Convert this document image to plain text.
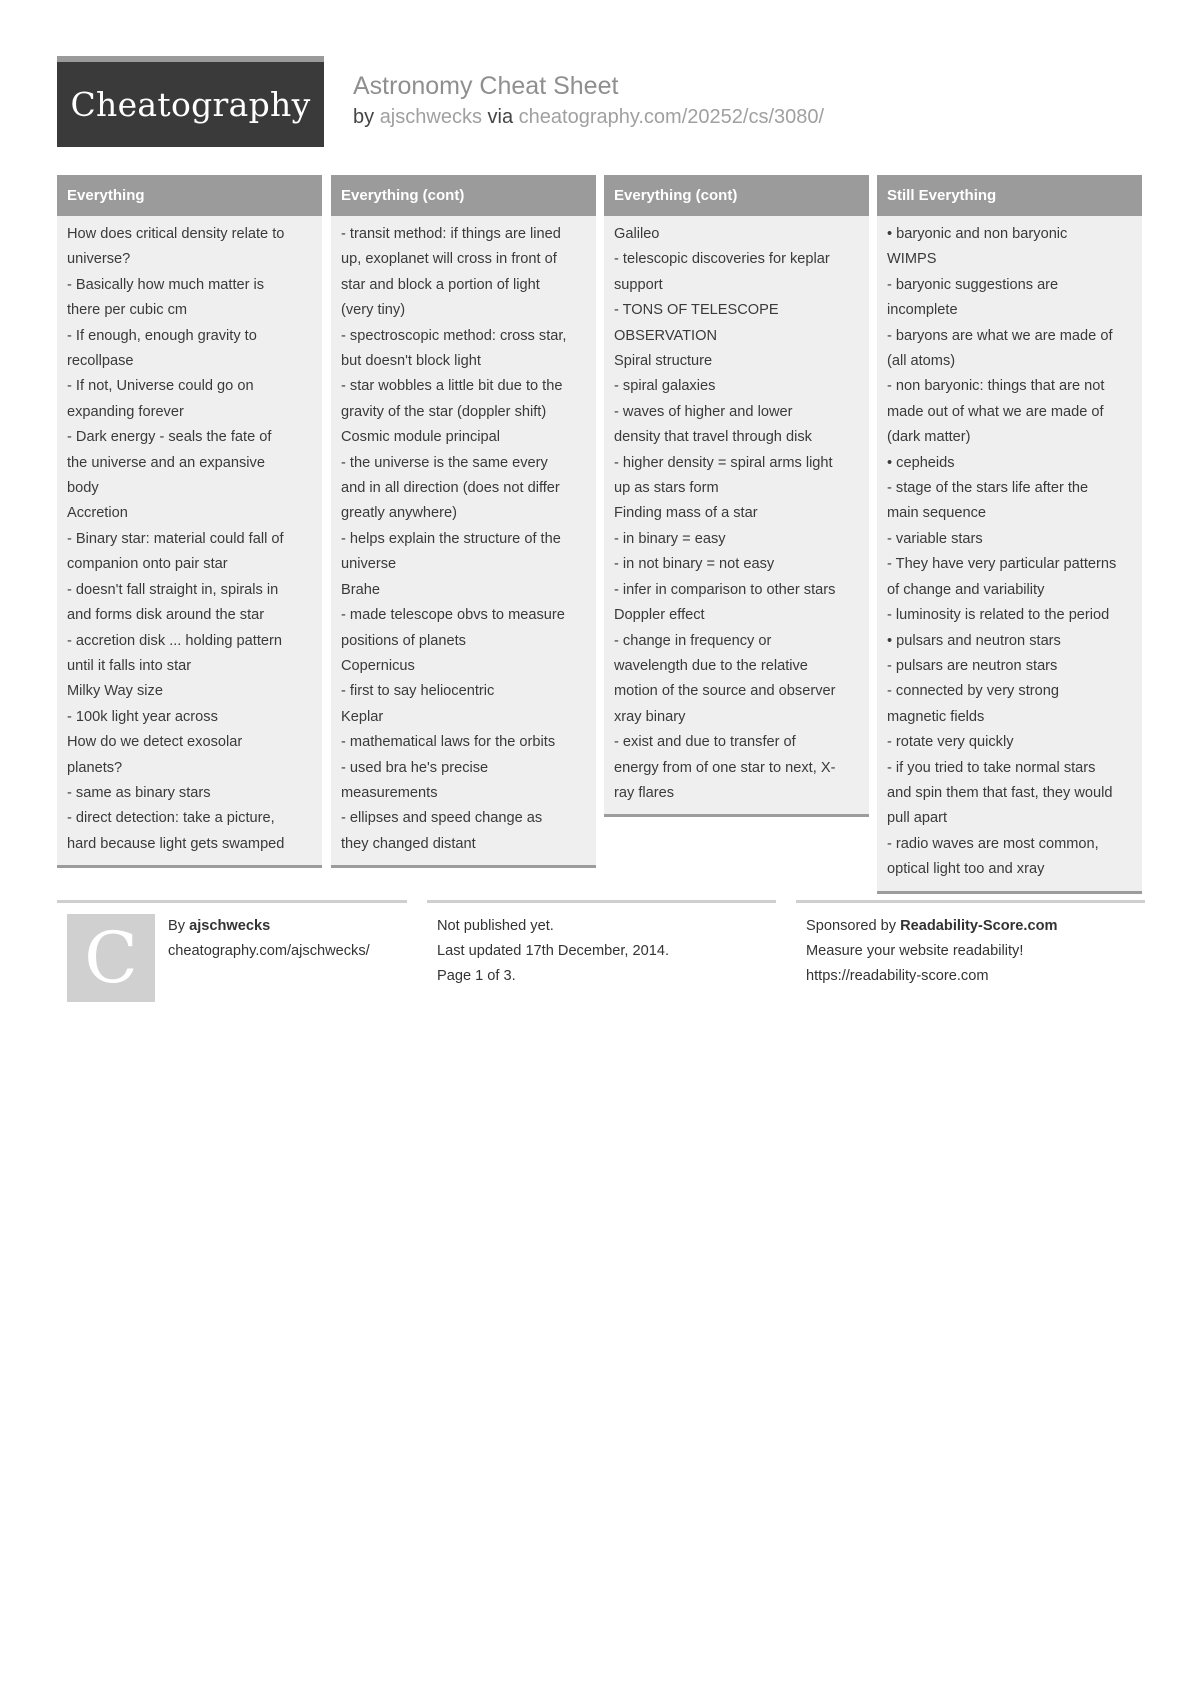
Cheatography Astronomy Cheat Sheet
by ajschwecks via cheatography.com/20252/cs/3080/
Everything
How does critical density relate to
universe?
- Basically how much matter is
there per cubic cm
- If enough, enough gravity to
recollpase
- If not, Universe could go on
expanding forever
- Dark energy - seals the fate of
the universe and an expansive
body
Accretion
- Binary star: material could fall of
companion onto pair star
- doesn't fall straight in, spirals in
and forms disk around the star
- accretion disk ... holding pattern
until it falls into star
Milky Way size
- 100k light year across
How do we detect exosolar
planets?
- same as binary stars
- direct detection: take a picture,
hard because light gets swamped
Everything (cont)
- transit method: if things are lined
up, exoplanet will cross in front of
star and block a portion of light
(very tiny)
- spectroscopic method: cross star,
but doesn't block light
- star wobbles a little bit due to the
gravity of the star (doppler shift)
Cosmic module principal
- the universe is the same every
and in all direction (does not differ
greatly anywhere)
- helps explain the structure of the
universe
Brahe
- made telescope obvs to measure
positions of planets
Copernicus
- first to say heliocentric
Keplar
- mathematical laws for the orbits
- used bra he's precise
measurements
- ellipses and speed change as
they changed distant
Everything (cont)
Galileo
- telescopic discoveries for keplar
support
- TONS OF TELESCOPE
OBSERVATION
Spiral structure
- spiral galaxies
- waves of higher and lower
density that travel through disk
- higher density = spiral arms light
up as stars form
Finding mass of a star
- in binary = easy
- in not binary = not easy
- infer in comparison to other stars
Doppler effect
- change in frequency or
wavelength due to the relative
motion of the source and observer
xray binary
- exist and due to transfer of
energy from of one star to next, X-
ray flares
Still Everything
• baryonic and non baryonic
WIMPS
- baryonic suggestions are
incomplete
- baryons are what we are made of
(all atoms)
- non baryonic: things that are not
made out of what we are made of
(dark matter)
• cepheids
- stage of the stars life after the
main sequence
- variable stars
- They have very particular patterns
of change and variability
- luminosity is related to the period
• pulsars and neutron stars
- pulsars are neutron stars
- connected by very strong
magnetic fields
- rotate very quickly
- if you tried to take normal stars
and spin them that fast, they would
pull apart
- radio waves are most common,
optical light too and xray
C By ajschwecks
cheatography.com/ajschwecks/
Not published yet.
Last updated 17th December, 2014.
Page 1 of 3.
Sponsored by Readability-Score.com
Measure your website readability!
https://readability-score.com
